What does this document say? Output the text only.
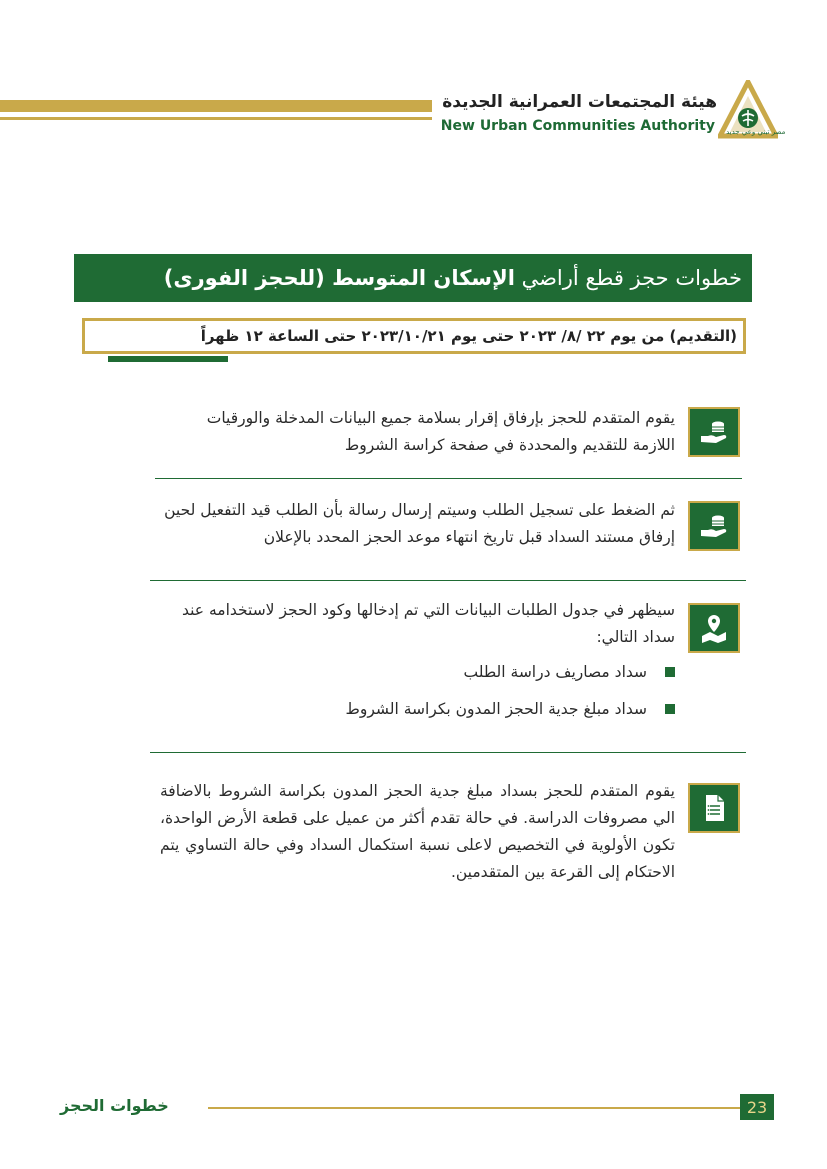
هيئة المجتمعات العمرانية الجديدة
New Urban Communities Authority مصر تبني وعي جديد
خطوات حجز قطع أراضي الإسكان المتوسط (للحجز الفورى)
(التقديم) من يوم ٢٢ /٨/ ٢٠٢٣ حتى يوم ٢٠٢٣/١٠/٢١ حتى الساعة ١٢ ظهراً
يقوم المتقدم للحجز بإرفاق إقرار بسلامة جميع البيانات المدخلة والورقيات اللازمة للتقديم والمحددة في صفحة كراسة الشروط
ثم الضغط على تسجيل الطلب وسيتم إرسال رسالة بأن الطلب قيد التفعيل لحين إرفاق مستند السداد قبل تاريخ انتهاء موعد الحجز المحدد بالإعلان
سيظهر في جدول الطلبات البيانات التي تم إدخالها وكود الحجز لاستخدامه عند سداد التالي:
سداد مصاريف دراسة الطلب
سداد مبلغ جدية الحجز المدون بكراسة الشروط
يقوم المتقدم للحجز بسداد مبلغ جدية الحجز المدون بكراسة الشروط بالاضافة الي مصروفات الدراسة. في حالة تقدم أكثر من عميل على قطعة الأرض الواحدة، تكون الأولوية في التخصيص لاعلى نسبة استكمال السداد وفي حالة التساوي يتم الاحتكام إلى القرعة بين المتقدمين.
خطوات الحجز	23
